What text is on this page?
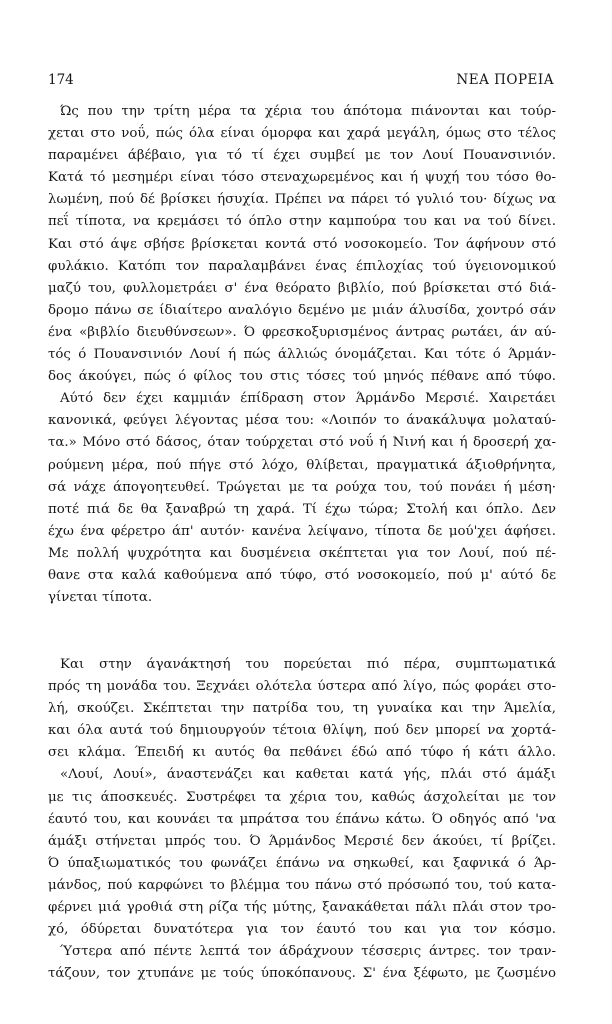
174	ΝΕΑ ΠΟΡΕΙΑ
Ώς που την τρίτη μέρα τα χέρια του άπότομα πιάνονται και τούρ-
χεται στο νοΰ, πώς όλα είναι όμορφα και χαρά μεγάλη, όμως στο τέλος
παραμένει άβέβαιο, για τό τί έχει συμβεί με τον Λουί Πουανσινιόν.
Κατά τό μεσημέρι είναι τόσο στεναχωρεμένος και ή ψυχή του τόσο θο-
λωμένη, πού δέ βρίσκει ήσυχία. Πρέπει να πάρει τό γυλιό του· δίχως να
πεΐ τίποτα, να κρεμάσει τό όπλο στην καμπούρα του και να τού δίνει.
Και στό άψε σβήσε βρίσκεται κοντά στό νοσοκομείο. Τον άφήνουν στό
φυλάκιο. Κατόπι τον παραλαμβάνει ένας έπιλοχίας τού ύγειονομικού
μαζύ του, φυλλομετράει σ' ένα θεόρατο βιβλίο, πού βρίσκεται στό διά-
δρομο πάνω σε ίδιαίτερο αναλόγιο δεμένο με μιάν άλυσίδα, χοντρό σάν
ένα «βιβλίο διευθύνσεων». Ό φρεσκοξυρισμένος άντρας ρωτάει, άν αύ-
τός ό Πουανσινιόν Λουί ή πώς άλλιώς όνομάζεται. Και τότε ό Άρμάν-
δος άκούγει, πώς ό φίλος του στις τόσες τού μηνός πέθανε από τύφο.
Αύτό δεν έχει καμμιάν έπίδραση στον Άρμάνδο Μερσιέ. Χαιρετάει
κανονικά, φεύγει λέγοντας μέσα του: «Λοιπόν το άνακάλυψα μολαταύ-
τα.» Μόνο στό δάσος, όταν τούρχεται στό νοΰ ή Νινή και ή δροσερή χα-
ρούμενη μέρα, πού πήγε στό λόχο, θλίβεται, πραγματικά άξιοθρήνητα,
σά νάχε άπογοητευθεί. Τρώγεται με τα ρούχα του, τού πονάει ή μέση·
ποτέ πιά δε θα ξαναβρώ τη χαρά. Τί έχω τώρα; Στολή και όπλο. Δεν
έχω ένα φέρετρο άπ' αυτόν· κανένα λείψανο, τίποτα δε μού'χει άφήσει.
Με πολλή ψυχρότητα και δυσμένεια σκέπτεται για τον Λουί, πού πέ-
θανε στα καλά καθούμενα από τύφο, στό νοσοκομείο, πού μ' αύτό δε
γίνεται τίποτα.
Και στην άγανάκτησή του πορεύεται πιό πέρα, συμπτωματικά
πρός τη μονάδα του. Ξεχνάει ολότελα ύστερα από λίγο, πώς φοράει στο-
λή, σκούζει. Σκέπτεται την πατρίδα του, τη γυναίκα και την Άμελία,
και όλα αυτά τού δημιουργούν τέτοια θλίψη, πού δεν μπορεί να χορτά-
σει κλάμα. Έπειδή κι αυτός θα πεθάνει έδώ από τύφο ή κάτι άλλο.
«Λουί, Λουί», άναστενάζει και καθεται κατά γής, πλάι στό άμάξι
με τις άποσκευές. Συστρέφει τα χέρια του, καθώς άσχολείται με τον
έαυτό του, και κουνάει τα μπράτσα του έπάνω κάτω. Ό οδηγός από 'να
άμάξι στήνεται μπρός του. Ό Άρμάνδος Μερσιέ δεν άκούει, τί βρίζει.
Ό ύπαξιωματικός του φωνάζει έπάνω να σηκωθεί, και ξαφνικά ό Άρ-
μάνδος, πού καρφώνει το βλέμμα του πάνω στό πρόσωπό του, τού κατα-
φέρνει μιά γροθιά στη ρίζα τής μύτης, ξανακάθεται πάλι πλάι στον τρο-
χό, όδύρεται δυνατότερα για τον έαυτό του και για τον κόσμο.
Ύστερα από πέντε λεπτά τον άδράχνουν τέσσερις άντρες. τον τραν-
τάζουν, τον χτυπάνε με τούς ύποκόπανους. Σ' ένα ξέφωτο, με ζωσμένο
